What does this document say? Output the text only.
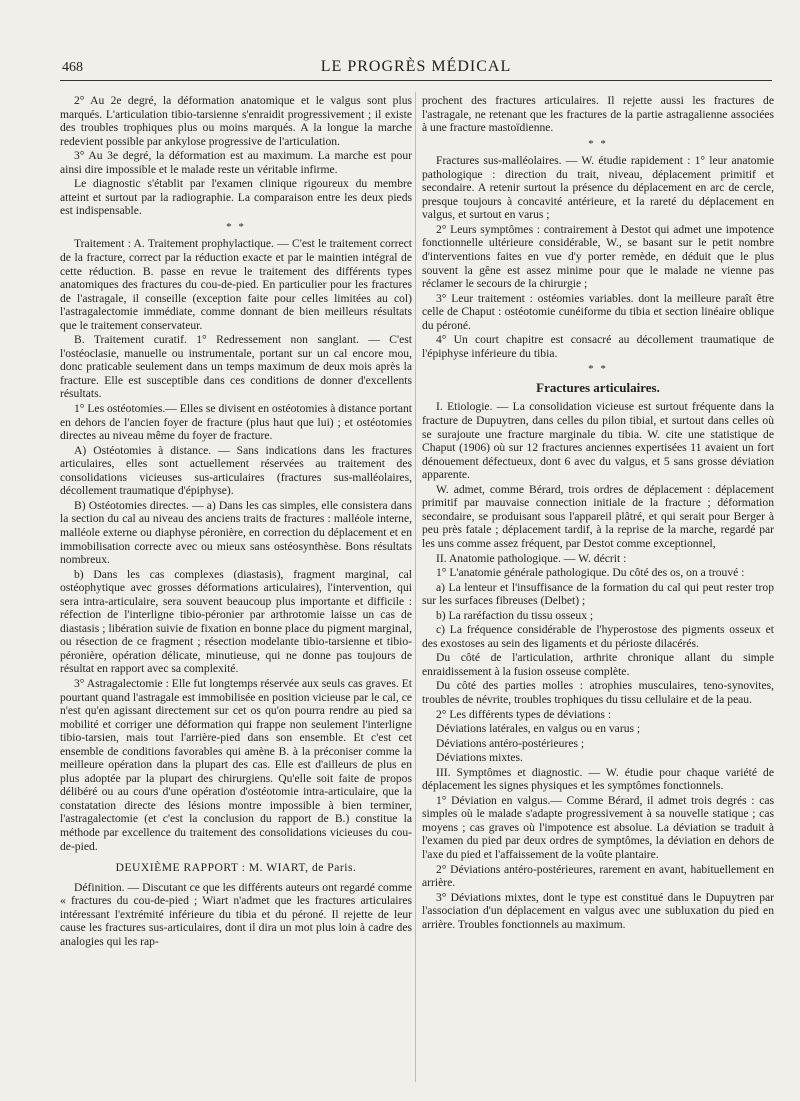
468	LE PROGRÈS MÉDICAL

2° Au 2e degré, la déformation anatomique et le valgus sont plus marqués. L'articulation tibio-tarsienne s'enraidit progressivement ; il existe des troubles trophiques plus ou moins marqués. A la longue la marche redevient possible par ankylose progressive de l'articulation.

3° Au 3e degré, la déformation est au maximum. La marche est pour ainsi dire impossible et le malade reste un véritable infirme.

Le diagnostic s'établit par l'examen clinique rigoureux du membre atteint et surtout par la radiographie. La comparaison entre les deux pieds est indispensable.

* *

Traitement : A. Traitement prophylactique. — C'est le traitement correct de la fracture, correct par la réduction exacte et par le maintien intégral de cette réduction. B. passe en revue le traitement des différents types anatomiques des fractures du cou-de-pied. En particulier pour les fractures de l'astragale, il conseille (exception faite pour celles limitées au col) l'astragalectomie immédiate, comme donnant de bien meilleurs résultats que le traitement conservateur.

B. Traitement curatif. 1° Redressement non sanglant. — C'est l'ostéoclasie, manuelle ou instrumentale, portant sur un cal encore mou, donc praticable seulement dans un temps maximum de deux mois après la fracture. Elle est susceptible dans ces conditions de donner d'excellents résultats.

1° Les ostéotomies.— Elles se divisent en ostéotomies à distance portant en dehors de l'ancien foyer de fracture (plus haut que lui) ; et ostéotomies directes au niveau même du foyer de fracture.

A) Ostéotomies à distance. — Sans indications dans les fractures articulaires, elles sont actuellement réservées au traitement des consolidations vicieuses sus-articulaires (fractures sus-malléolaires, décollement traumatique d'épiphyse).

B) Ostéotomies directes. — a) Dans les cas simples, elle consistera dans la section du cal au niveau des anciens traits de fractures : malléole interne, malléole externe ou diaphyse péronière, en correction du déplacement et en immobilisation correcte avec ou mieux sans ostéosynthèse. Bons résultats nombreux.

b) Dans les cas complexes (diastasis), fragment marginal, cal ostéophytique avec grosses déformations articulaires), l'intervention, qui sera intra-articulaire, sera souvent beaucoup plus importante et difficile : réfection de l'interligne tibio-péronier par arthrotomie laisse un cas de diastasis ; libération suivie de fixation en bonne place du pigment marginal, ou résection de ce fragment ; résection modelante tibio-tarsienne et tibio-péronière, opération délicate, minutieuse, qui ne donne pas toujours de résultat en rapport avec sa complexité.

3° Astragalectomie : Elle fut longtemps réservée aux seuls cas graves. Et pourtant quand l'astragale est immobilisée en position vicieuse par le cal, ce n'est qu'en agissant directement sur cet os qu'on pourra rendre au pied sa mobilité et corriger une déformation qui frappe non seulement l'interligne tibio-tarsien, mais tout l'arrière-pied dans son ensemble. Et c'est cet ensemble de conditions favorables qui amène B. à la préconiser comme la meilleure opération dans la plupart des cas. Elle est d'ailleurs de plus en plus adoptée par la plupart des chirurgiens. Qu'elle soit faite de propos délibéré ou au cours d'une opération d'ostéotomie intra-articulaire, que la constatation directe des lésions montre impossible à bien terminer, l'astragalectomie (et c'est la conclusion du rapport de B.) constitue la méthode par excellence du traitement des consolidations vicieuses du cou-de-pied.

DEUXIÈME RAPPORT : M. WIART, de Paris.

Définition. — Discutant ce que les différents auteurs ont regardé comme « fractures du cou-de-pied ; Wiart n'admet que les fractures articulaires intéressant l'extrémité inférieure du tibia et du péroné. Il rejette de leur cause les fractures sus-articulaires, dont il dira un mot plus loin à cadre des analogies qui les rap-

prochent des fractures articulaires. Il rejette aussi les fractures de l'astragale, ne retenant que les fractures de la partie astragalienne associées à une fracture mastoïdienne.

* *

Fractures sus-malléolaires. — W. étudie rapidement : 1° leur anatomie pathologique : direction du trait, niveau, déplacement primitif et secondaire. A retenir surtout la présence du déplacement en arc de cercle, presque toujours à concavité antérieure, et la rareté du déplacement en valgus, et surtout en varus ;

2° Leurs symptômes : contrairement à Destot qui admet une impotence fonctionnelle ultérieure considérable, W., se basant sur le petit nombre d'interventions faites en vue d'y porter remède, en déduit que le plus souvent la gêne est assez minime pour que le malade ne vienne pas réclamer le secours de la chirurgie ;

3° Leur traitement : ostéomies variables. dont la meilleure paraît être celle de Chaput : ostéotomie cunéiforme du tibia et section linéaire oblique du péroné.

4° Un court chapitre est consacré au décollement traumatique de l'épiphyse inférieure du tibia.

* *
Fractures articulaires.

I. Etiologie. — La consolidation vicieuse est surtout fréquente dans la fracture de Dupuytren, dans celles du pilon tibial, et surtout dans celles où se surajoute une fracture marginale du tibia. W. cite une statistique de Chaput (1906) où sur 12 fractures anciennes expertisées 11 avaient un fort dénouement défectueux, dont 6 avec du valgus, et 5 sans grosse déviation apparente.

W. admet, comme Bérard, trois ordres de déplacement : déplacement primitif par mauvaise connection initiale de la fracture ; déformation secondaire, se produisant sous l'appareil plâtré, et qui serait pour Berger à peu près fatale ; déplacement tardif, à la reprise de la marche, regardé par les uns comme assez fréquent, par Destot comme exceptionnel,

II. Anatomie pathologique. — W. décrit :

1° L'anatomie générale pathologique. Du côté des os, on a trouvé :

a) La lenteur et l'insuffisance de la formation du cal qui peut rester trop sur les surfaces fibreuses (Delbet) ;

b) La raréfaction du tissu osseux ;

c) La fréquence considérable de l'hyperostose des pigments osseux et des exostoses au sein des ligaments et du périoste dilacérés.

Du côté de l'articulation, arthrite chronique allant du simple enraidissement à la fusion osseuse complète.

Du côté des parties molles : atrophies musculaires, teno-synovites, troubles de névrite, troubles trophiques du tissu cellulaire et de la peau.

2° Les différents types de déviations :

Déviations latérales, en valgus ou en varus ;

Déviations antéro-postérieures ;

Déviations mixtes.

III. Symptômes et diagnostic. — W. étudie pour chaque variété de déplacement les signes physiques et les symptômes fonctionnels.

1° Déviation en valgus.— Comme Bérard, il admet trois degrés : cas simples où le malade s'adapte progressivement à sa nouvelle statique ; cas moyens ; cas graves où l'impotence est absolue. La déviation se traduit à l'examen du pied par deux ordres de symptômes, la déviation en dehors de l'axe du pied et l'affaissement de la voûte plantaire.

2° Déviations antéro-postérieures, rarement en avant, habituellement en arrière.

3° Déviations mixtes, dont le type est constitué dans le Dupuytren par l'association d'un déplacement en valgus avec une subluxation du pied en arrière. Troubles fonctionnels au maximum.
